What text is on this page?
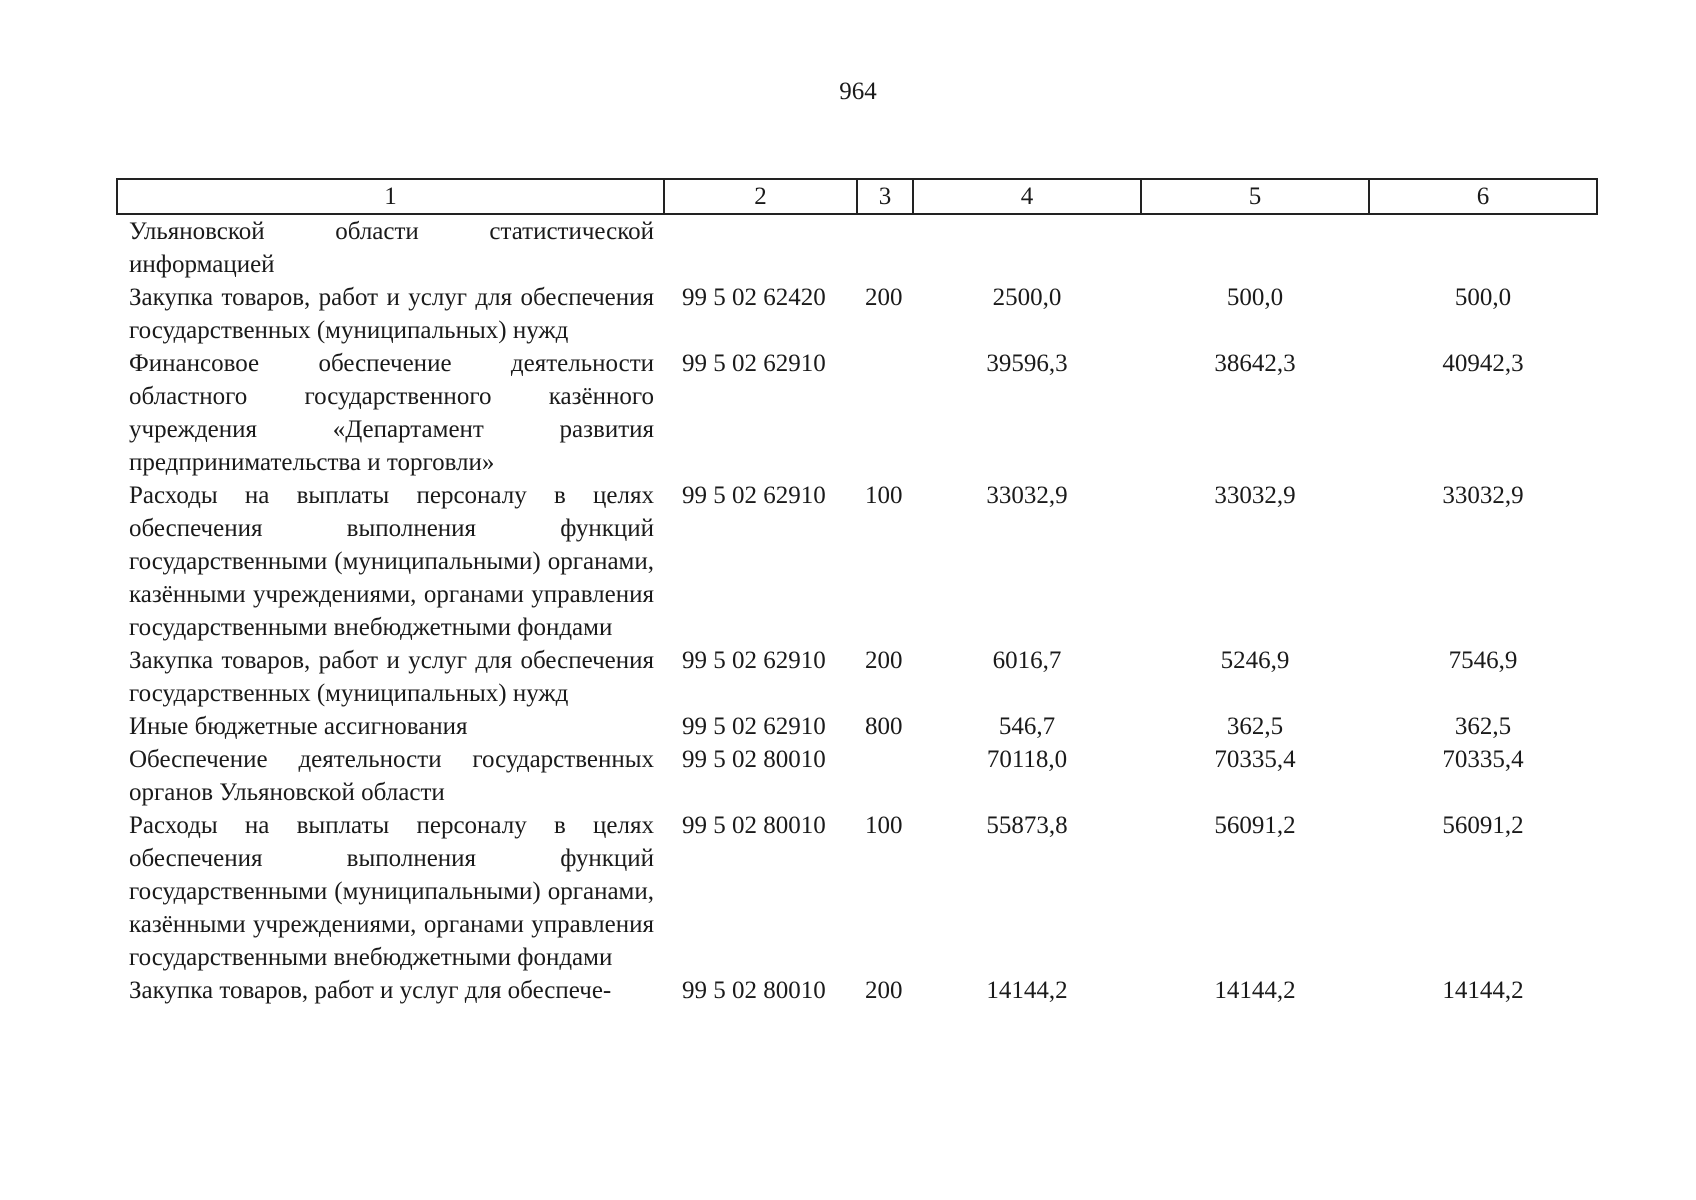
964
1	2	3	4	5	6
Ульяновской области статистической информацией					
Закупка товаров, работ и услуг для обеспечения государственных (муниципальных) нужд	99 5 02 62420	200	2500,0	500,0	500,0
Финансовое обеспечение деятельности областного государственного казённого учреждения «Департамент развития предпринимательства и торговли»	99 5 02 62910		39596,3	38642,3	40942,3
Расходы на выплаты персоналу в целях обеспечения выполнения функций государственными (муниципальными) органами, казёнными учреждениями, органами управления государственными внебюджетными фондами	99 5 02 62910	100	33032,9	33032,9	33032,9
Закупка товаров, работ и услуг для обеспечения государственных (муниципальных) нужд	99 5 02 62910	200	6016,7	5246,9	7546,9
Иные бюджетные ассигнования	99 5 02 62910	800	546,7	362,5	362,5
Обеспечение деятельности государственных органов Ульяновской области	99 5 02 80010		70118,0	70335,4	70335,4
Расходы на выплаты персоналу в целях обеспечения выполнения функций государственными (муниципальными) органами, казёнными учреждениями, органами управления государственными внебюджетными фондами	99 5 02 80010	100	55873,8	56091,2	56091,2
Закупка товаров, работ и услуг для обеспече-	99 5 02 80010	200	14144,2	14144,2	14144,2
